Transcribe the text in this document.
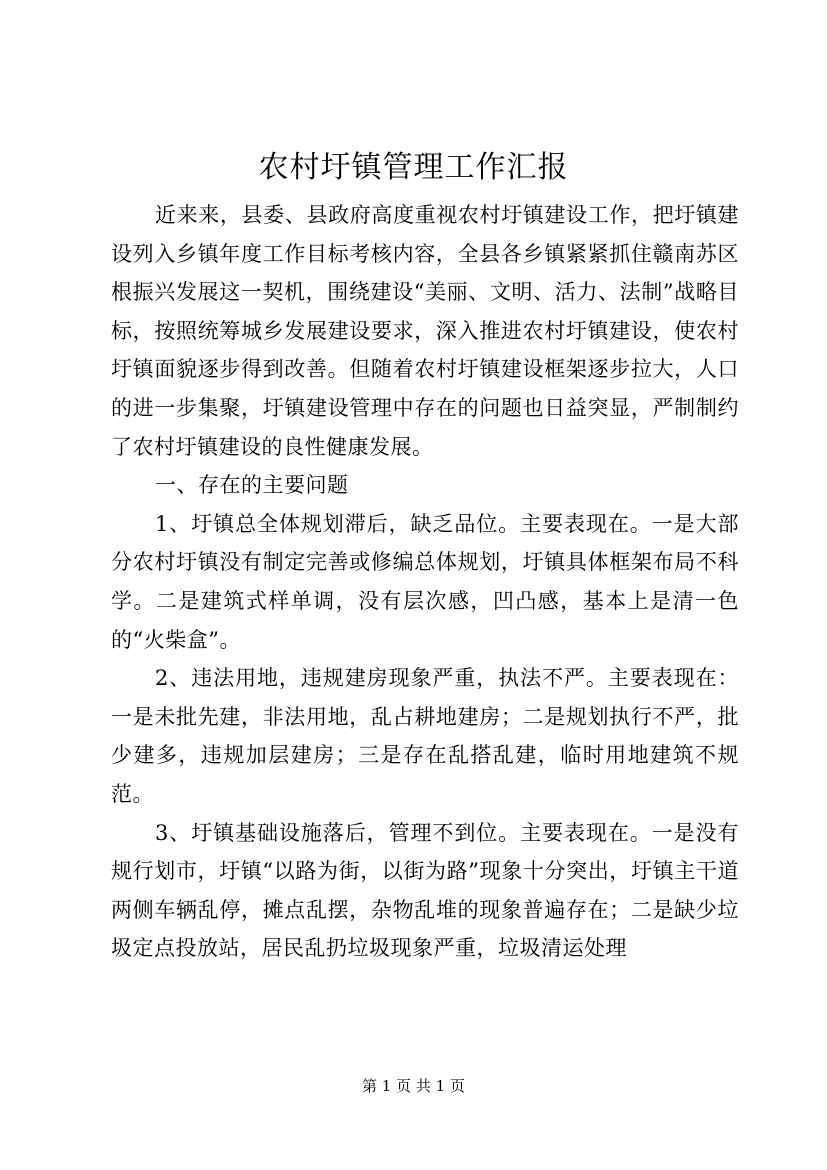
农村圩镇管理工作汇报

近来来，县委、县政府高度重视农村圩镇建设工作，把圩镇建设列入乡镇年度工作目标考核内容，全县各乡镇紧紧抓住赣南苏区根振兴发展这一契机，围绕建设“美丽、文明、活力、法制”战略目标，按照统筹城乡发展建设要求，深入推进农村圩镇建设，使农村圩镇面貌逐步得到改善。但随着农村圩镇建设框架逐步拉大，人口的进一步集聚，圩镇建设管理中存在的问题也日益突显，严制制约了农村圩镇建设的良性健康发展。

一、存在的主要问题

1、圩镇总全体规划滞后，缺乏品位。主要表现在。一是大部分农村圩镇没有制定完善或修编总体规划，圩镇具体框架布局不科学。二是建筑式样单调，没有层次感，凹凸感，基本上是清一色的“火柴盒”。

2、违法用地，违规建房现象严重，执法不严。主要表现在：一是未批先建，非法用地，乱占耕地建房；二是规划执行不严，批少建多，违规加层建房；三是存在乱搭乱建，临时用地建筑不规范。

3、圩镇基础设施落后，管理不到位。主要表现在。一是没有规行划市，圩镇“以路为街，以街为路”现象十分突出，圩镇主干道两侧车辆乱停，摊点乱摆，杂物乱堆的现象普遍存在；二是缺少垃圾定点投放站，居民乱扔垃圾现象严重，垃圾清运处理

第 1 页 共 1 页
